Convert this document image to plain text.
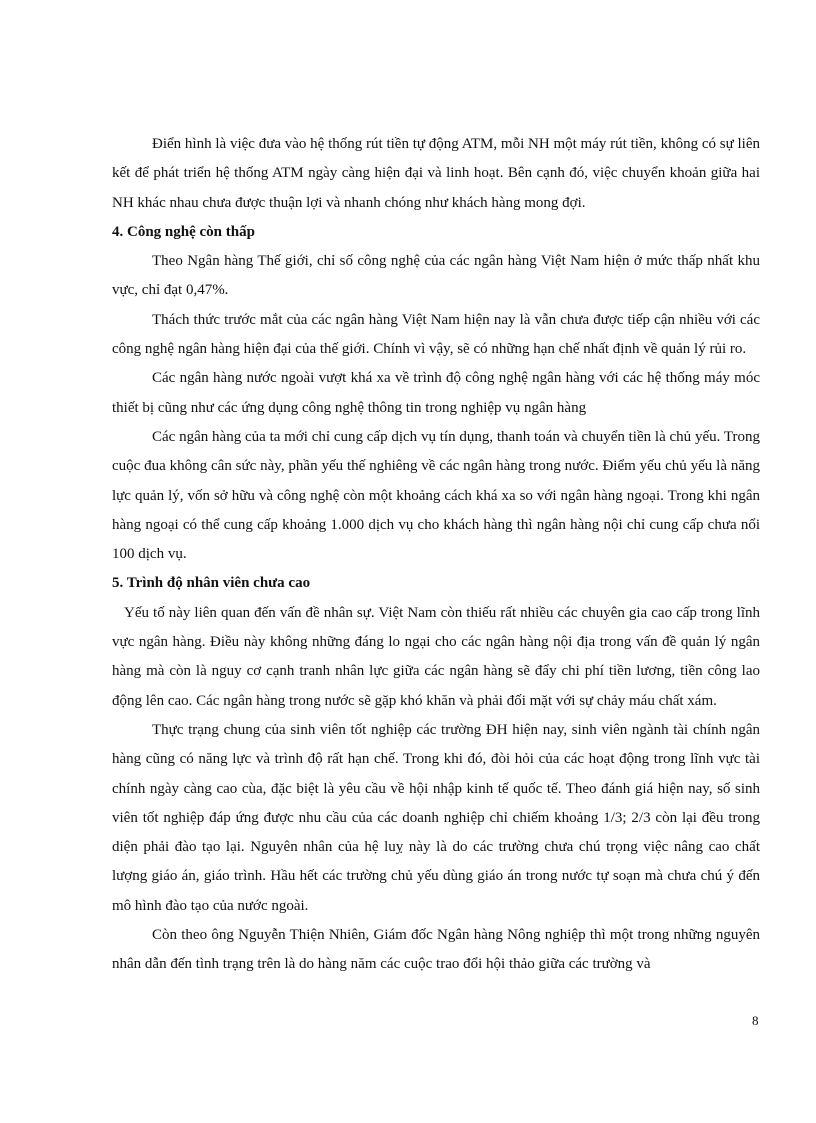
Điển hình là việc đưa vào hệ thống rút tiền tự động ATM, mỗi NH một máy rút tiền, không có sự liên kết để phát triển hệ thống ATM ngày càng hiện đại và linh hoạt. Bên cạnh đó, việc chuyển khoản giữa hai NH khác nhau chưa được thuận lợi và nhanh chóng như khách hàng mong đợi.

4. Công nghệ còn thấp

Theo Ngân hàng Thế giới, chỉ số công nghệ của các ngân hàng Việt Nam hiện ở mức thấp nhất khu vực, chỉ đạt 0,47%.

Thách thức trước mắt của các ngân hàng Việt Nam hiện nay là vẫn chưa được tiếp cận nhiều với các công nghệ ngân hàng hiện đại của thế giới. Chính vì vậy, sẽ có những hạn chế nhất định về quản lý rủi ro.

Các ngân hàng nước ngoài vượt khá xa về trình độ công nghệ ngân hàng với các hệ thống máy móc thiết bị cũng như các ứng dụng công nghệ thông tin trong nghiệp vụ ngân hàng

Các ngân hàng của ta mới chỉ cung cấp dịch vụ tín dụng, thanh toán và chuyển tiền là chủ yếu. Trong cuộc đua không cân sức này, phần yếu thế nghiêng về các ngân hàng trong nước. Điểm yếu chủ yếu là năng lực quản lý, vốn sở hữu và công nghệ còn một khoảng cách khá xa so với ngân hàng ngoại. Trong khi ngân hàng ngoại có thể cung cấp khoảng 1.000 dịch vụ cho khách hàng thì ngân hàng nội chỉ cung cấp chưa nổi 100 dịch vụ.

5. Trình độ nhân viên chưa cao

Yếu tố này liên quan đến vấn đề nhân sự. Việt Nam còn thiếu rất nhiều các chuyên gia cao cấp trong lĩnh vực ngân hàng. Điều này không những đáng lo ngại cho các ngân hàng nội địa trong vấn đề quản lý ngân hàng mà còn là nguy cơ cạnh tranh nhân lực giữa các ngân hàng sẽ đẩy chi phí tiền lương, tiền công lao động lên cao. Các ngân hàng trong nước sẽ gặp khó khăn và phải đối mặt với sự chảy máu chất xám.

Thực trạng chung của sinh viên tốt nghiệp các trường ĐH hiện nay, sinh viên ngành tài chính ngân hàng cũng có năng lực và trình độ rất hạn chế. Trong khi đó, đòi hỏi của các hoạt động trong lĩnh vực tài chính ngày càng cao cùa, đặc biệt là yêu cầu về hội nhập kinh tế quốc tế. Theo đánh giá hiện nay, số sinh viên tốt nghiệp đáp ứng được nhu cầu của các doanh nghiệp chỉ chiếm khoảng 1/3; 2/3 còn lại đều trong diện phải đào tạo lại. Nguyên nhân của hệ luỵ này là do các trường chưa chú trọng việc nâng cao chất lượng giáo án, giáo trình. Hầu hết các trường chủ yếu dùng giáo án trong nước tự soạn mà chưa chú ý đến mô hình đào tạo của nước ngoài.

Còn theo ông Nguyễn Thiện Nhiên, Giám đốc Ngân hàng Nông nghiệp thì một trong những nguyên nhân dẫn đến tình trạng trên là do hàng năm các cuộc trao đổi hội thảo giữa các trường và

8
